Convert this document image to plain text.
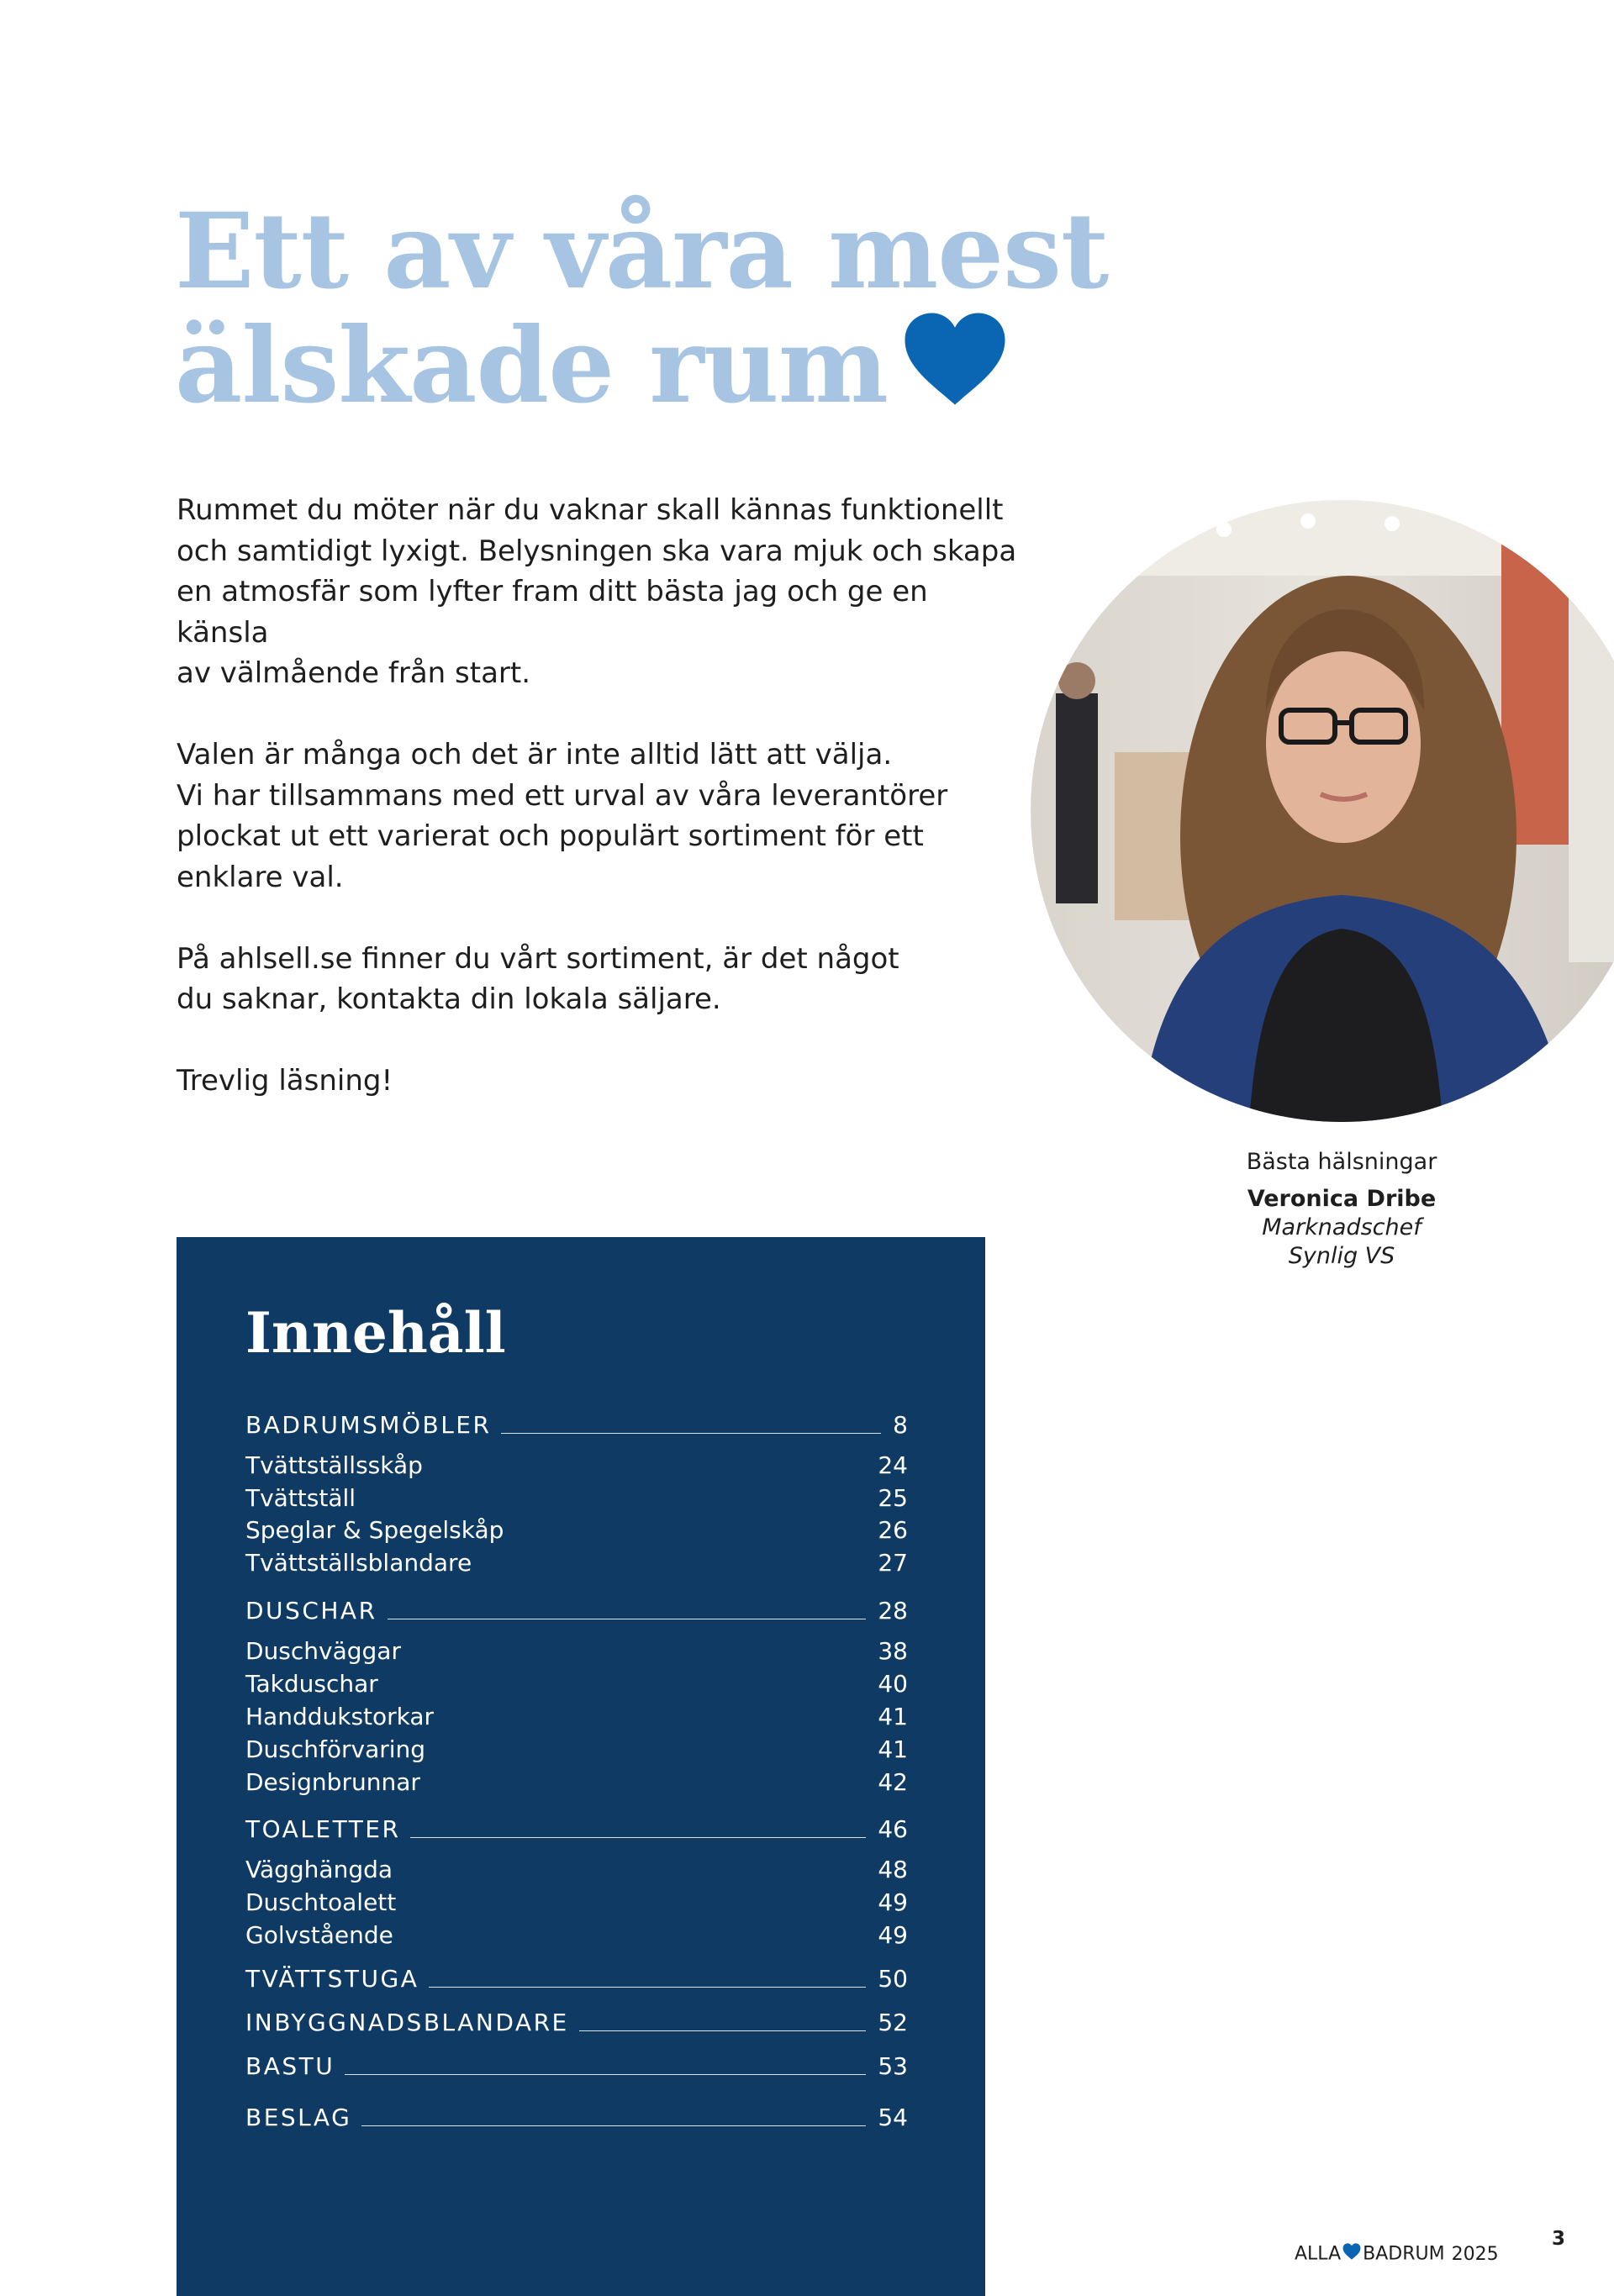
Ett av våra mest
älskade rum

Rummet du möter när du vaknar skall kännas funktionellt
och samtidigt lyxigt. Belysningen ska vara mjuk och skapa
en atmosfär som lyfter fram ditt bästa jag och ge en känsla
av välmående från start.

Valen är många och det är inte alltid lätt att välja.
Vi har tillsammans med ett urval av våra leverantörer
plockat ut ett varierat och populärt sortiment för ett
enklare val.

På ahlsell.se finner du vårt sortiment, är det något
du saknar, kontakta din lokala säljare.

Trevlig läsning!

Bästa hälsningar
Veronica Dribe
Marknadschef
Synlig VS
Innehåll
BADRUMSMÖBLER	8
Tvättställsskåp	24
Tvättställ	25
Speglar & Spegelskåp	26
Tvättställsblandare	27
DUSCHAR	28
Duschväggar	38
Takduschar	40
Handdukstorkar	41
Duschförvaring	41
Designbrunnar	42
TOALETTER	46
Vägghängda	48
Duschtoalett	49
Golvstående	49
TVÄTTSTUGA	50
INBYGGNADSBLANDARE	52
BASTU	53
BESLAG	54
ALLA BADRUM 2025
3
